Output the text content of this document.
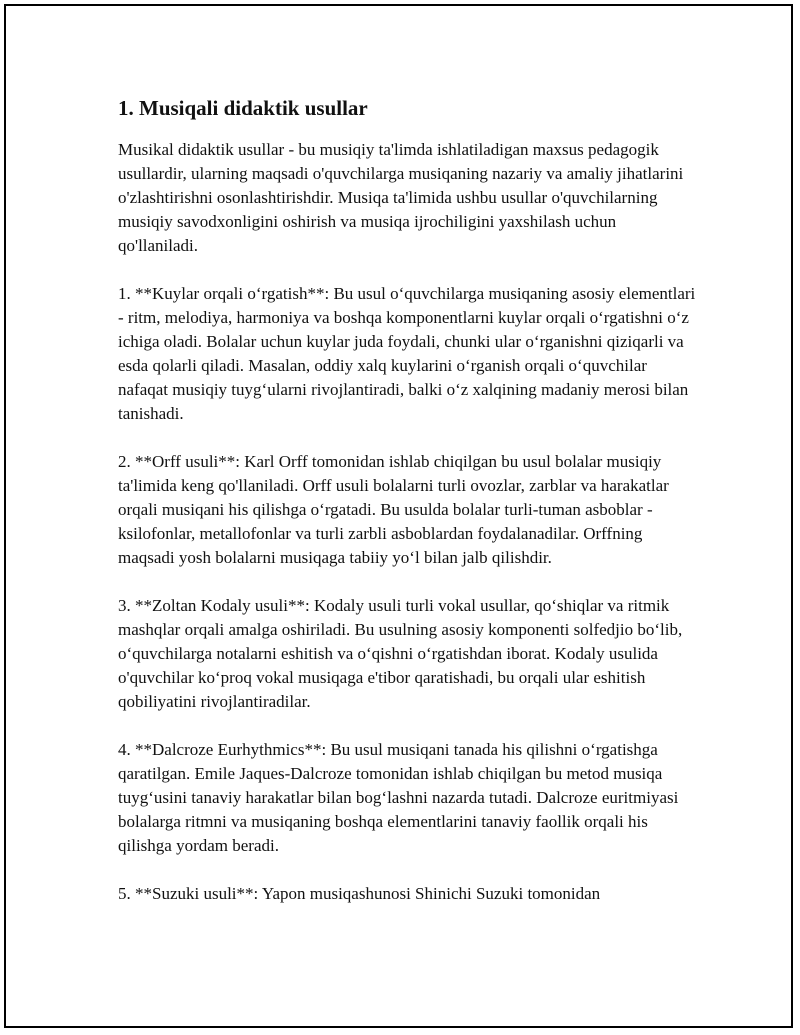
1. Musiqali didaktik usullar

Musikal didaktik usullar - bu musiqiy ta'limda ishlatiladigan maxsus pedagogik usullardir, ularning maqsadi o'quvchilarga musiqaning nazariy va amaliy jihatlarini o'zlashtirishni osonlashtirishdir. Musiqa ta'limida ushbu usullar o'quvchilarning musiqiy savodxonligini oshirish va musiqa ijrochiligini yaxshilash uchun qo'llaniladi.

1. **Kuylar orqali o‘rgatish**: Bu usul o‘quvchilarga musiqaning asosiy elementlari - ritm, melodiya, harmoniya va boshqa komponentlarni kuylar orqali o‘rgatishni o‘z ichiga oladi. Bolalar uchun kuylar juda foydali, chunki ular o‘rganishni qiziqarli va esda qolarli qiladi. Masalan, oddiy xalq kuylarini o‘rganish orqali o‘quvchilar nafaqat musiqiy tuyg‘ularni rivojlantiradi, balki o‘z xalqining madaniy merosi bilan tanishadi.

2. **Orff usuli**: Karl Orff tomonidan ishlab chiqilgan bu usul bolalar musiqiy ta'limida keng qo'llaniladi. Orff usuli bolalarni turli ovozlar, zarblar va harakatlar orqali musiqani his qilishga o‘rgatadi. Bu usulda bolalar turli-tuman asboblar - ksilofonlar, metallofonlar va turli zarbli asboblardan foydalanadilar. Orffning maqsadi yosh bolalarni musiqaga tabiiy yo‘l bilan jalb qilishdir.

3. **Zoltan Kodaly usuli**: Kodaly usuli turli vokal usullar, qo‘shiqlar va ritmik mashqlar orqali amalga oshiriladi. Bu usulning asosiy komponenti solfedjio bo‘lib, o‘quvchilarga notalarni eshitish va o‘qishni o‘rgatishdan iborat. Kodaly usulida o'quvchilar ko‘proq vokal musiqaga e'tibor qaratishadi, bu orqali ular eshitish qobiliyatini rivojlantiradilar.

4. **Dalcroze Eurhythmics**: Bu usul musiqani tanada his qilishni o‘rgatishga qaratilgan. Emile Jaques-Dalcroze tomonidan ishlab chiqilgan bu metod musiqa tuyg‘usini tanaviy harakatlar bilan bog‘lashni nazarda tutadi. Dalcroze euritmiyasi bolalarga ritmni va musiqaning boshqa elementlarini tanaviy faollik orqali his qilishga yordam beradi.

5. **Suzuki usuli**: Yapon musiqashunosi Shinichi Suzuki tomonidan
